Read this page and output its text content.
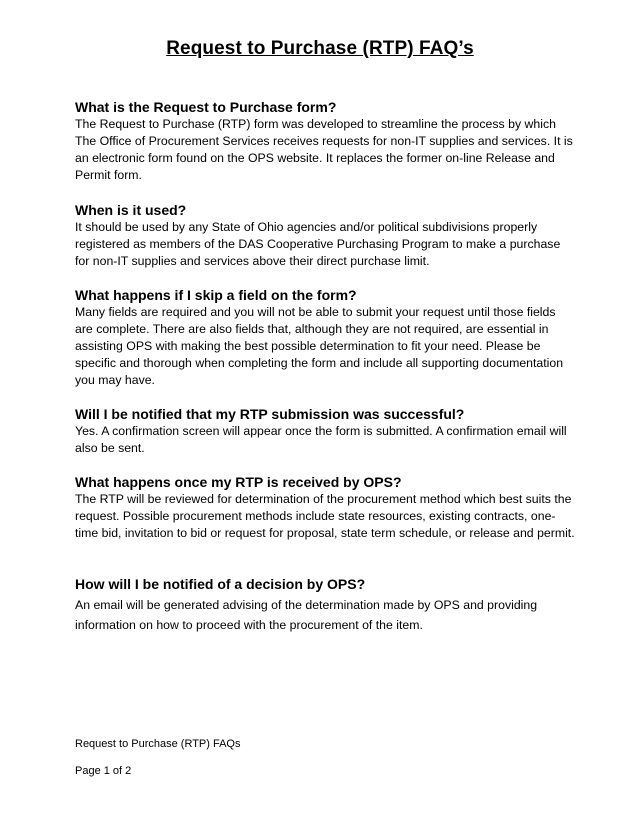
Request to Purchase (RTP) FAQ’s

What is the Request to Purchase form?

The Request to Purchase (RTP) form was developed to streamline the process by which The Office of Procurement Services receives requests for non-IT supplies and services. It is an electronic form found on the OPS website. It replaces the former on-line Release and Permit form.

When is it used?

It should be used by any State of Ohio agencies and/or political subdivisions properly registered as members of the DAS Cooperative Purchasing Program to make a purchase for non-IT supplies and services above their direct purchase limit.

What happens if I skip a field on the form?

Many fields are required and you will not be able to submit your request until those fields are complete. There are also fields that, although they are not required, are essential in assisting OPS with making the best possible determination to fit your need. Please be specific and thorough when completing the form and include all supporting documentation you may have.

Will I be notified that my RTP submission was successful?

Yes. A confirmation screen will appear once the form is submitted. A confirmation email will also be sent.

What happens once my RTP is received by OPS?

The RTP will be reviewed for determination of the procurement method which best suits the request. Possible procurement methods include state resources, existing contracts, one-time bid, invitation to bid or request for proposal, state term schedule, or release and permit.

How will I be notified of a decision by OPS?

An email will be generated advising of the determination made by OPS and providing information on how to proceed with the procurement of the item.

Request to Purchase (RTP) FAQs
Page 1 of 2
